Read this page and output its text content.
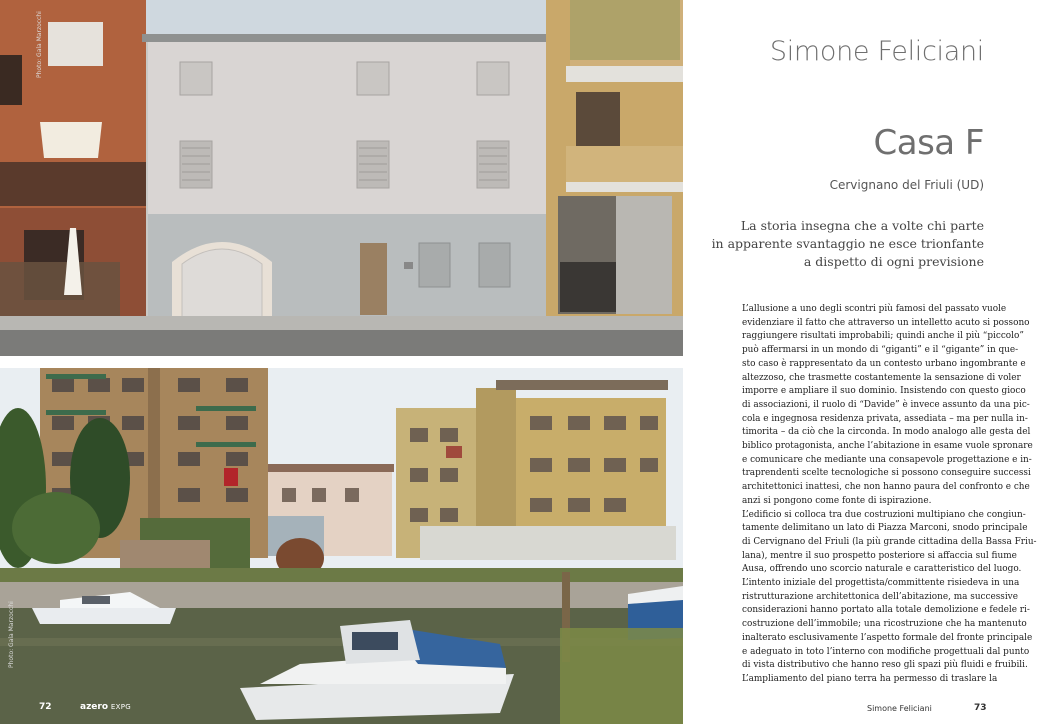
Photo: Gala Marzocchi
Photo: Gala Marzocchi
72	azero EXPG
Simone Feliciani
Casa F
Cervignano del Friuli (UD)
La storia insegna che a volte chi parte
in apparente svantaggio ne esce trionfante
a dispetto di ogni previsione
L’allusione a uno degli scontri più famosi del passato vuole
evidenziare il fatto che attraverso un intelletto acuto si possono
raggiungere risultati improbabili; quindi anche il più “piccolo”
può affermarsi in un mondo di “giganti” e il “gigante” in que-
sto caso è rappresentato da un contesto urbano ingombrante e
altezzoso, che trasmette costantemente la sensazione di voler
imporre e ampliare il suo dominio. Insistendo con questo gioco
di associazioni, il ruolo di “Davide” è invece assunto da una pic-
cola e ingegnosa residenza privata, assediata – ma per nulla in-
timorita – da ciò che la circonda. In modo analogo alle gesta del
biblico protagonista, anche l’abitazione in esame vuole spronare
e comunicare che mediante una consapevole progettazione e in-
traprendenti scelte tecnologiche si possono conseguire successi
architettonici inattesi, che non hanno paura del confronto e che
anzi si pongono come fonte di ispirazione.
L’edificio si colloca tra due costruzioni multipiano che congiun-
tamente delimitano un lato di Piazza Marconi, snodo principale
di Cervignano del Friuli (la più grande cittadina della Bassa Friu-
lana), mentre il suo prospetto posteriore si affaccia sul fiume
Ausa, offrendo uno scorcio naturale e caratteristico del luogo.
L’intento iniziale del progettista/committente risiedeva in una
ristrutturazione architettonica dell’abitazione, ma successive
considerazioni hanno portato alla totale demolizione e fedele ri-
costruzione dell’immobile; una ricostruzione che ha mantenuto
inalterato esclusivamente l’aspetto formale del fronte principale
e adeguato in toto l’interno con modifiche progettuali dal punto
di vista distributivo che hanno reso gli spazi più fluidi e fruibili.
L’ampliamento del piano terra ha permesso di traslare la
Simone Feliciani	73
